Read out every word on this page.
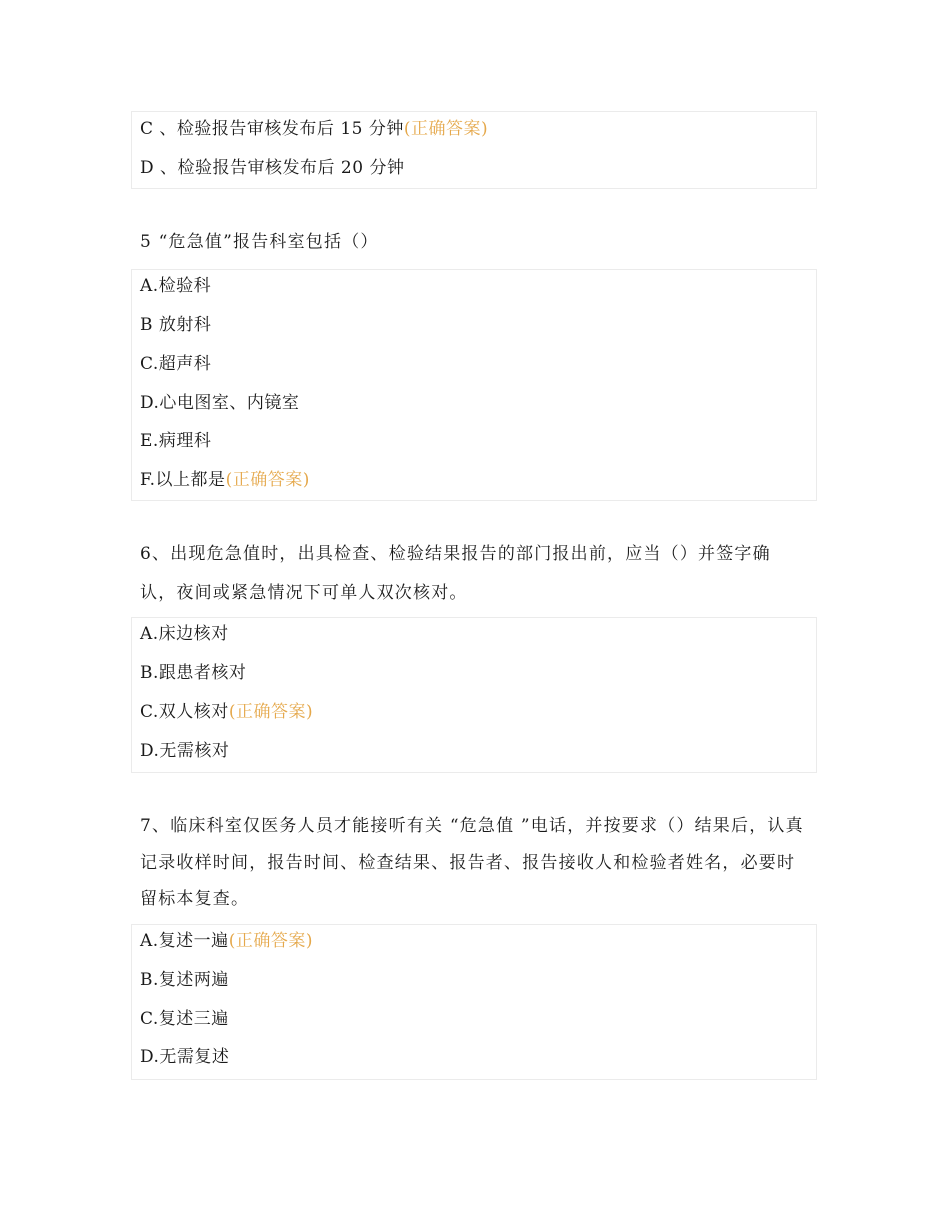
C 、检验报告审核发布后 15 分钟(正确答案)
D 、检验报告审核发布后 20 分钟
5 “危急值”报告科室包括（）
A.检验科
B 放射科
C.超声科
D.心电图室、内镜室
E.病理科
F.以上都是(正确答案)
6、出现危急值时，出具检查、检验结果报告的部门报出前，应当（）并签字确
认，夜间或紧急情况下可单人双次核对。
A.床边核对
B.跟患者核对
C.双人核对(正确答案)
D.无需核对
7、临床科室仅医务人员才能接听有关 “危急值 ”电话，并按要求（）结果后，认真
记录收样时间，报告时间、检查结果、报告者、报告接收人和检验者姓名，必要时
留标本复查。
A.复述一遍(正确答案)
B.复述两遍
C.复述三遍
D.无需复述
